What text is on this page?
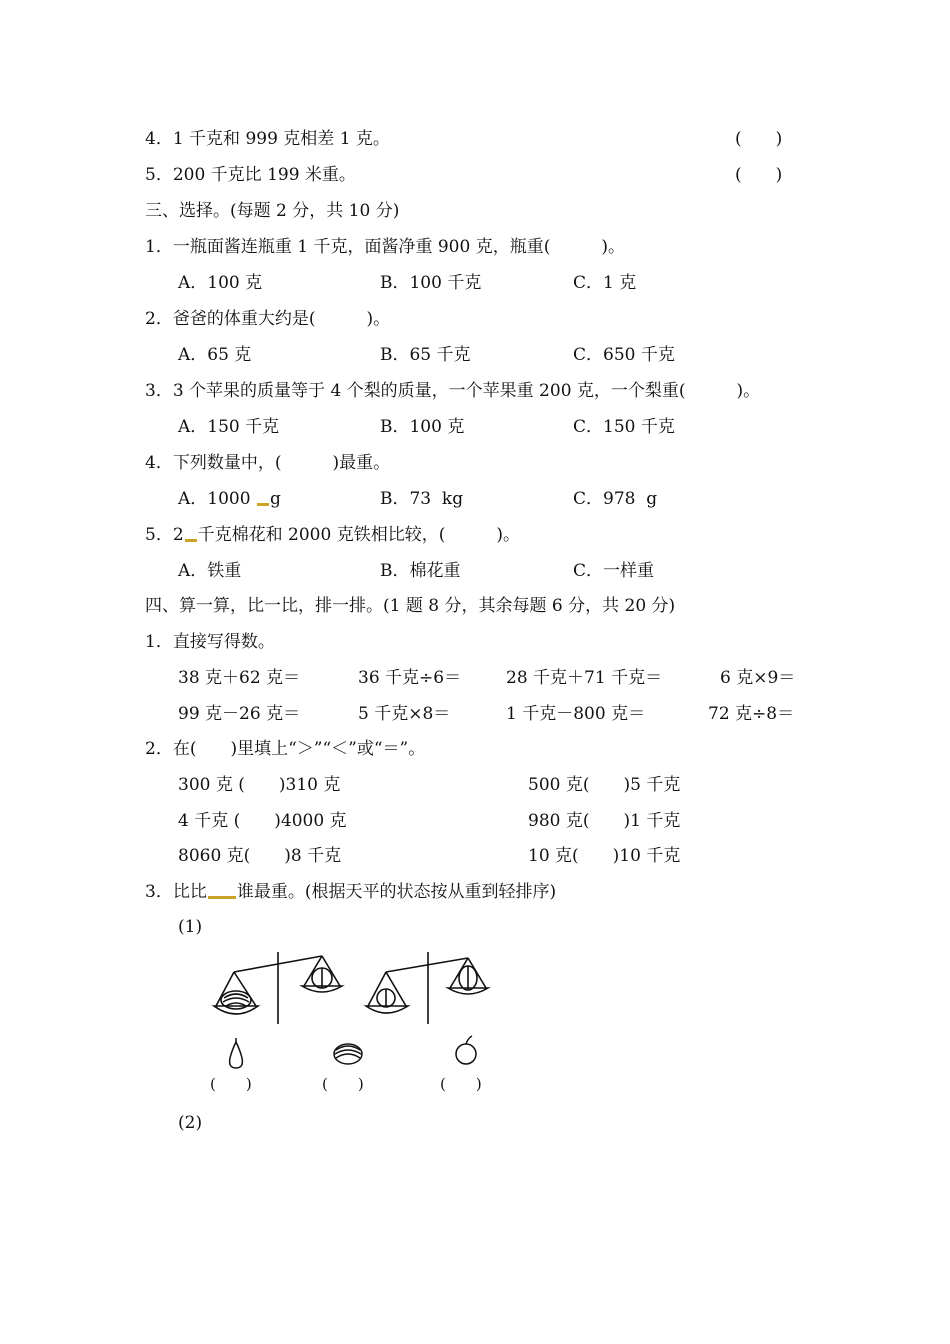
4．1 千克和 999 克相差 1 克。	(　　)
5．200 千克比 199 米重。	(　　)
三、选择。(每题 2 分，共 10 分)
1．一瓶面酱连瓶重 1 千克，面酱净重 900 克，瓶重(　　　)。
A．100 克	B．100 千克	C．1 克
2．爸爸的体重大约是(　　　)。
A．65 克	B．65 千克	C．650 千克
3．3 个苹果的质量等于 4 个梨的质量，一个苹果重 200 克，一个梨重(　　　)。
A．150 千克	B．100 克	C．150 千克
4．下列数量中，(　　　)最重。
A．1000 g	B．73  kg	C．978  g
5．2 千克棉花和 2000 克铁相比较，(　　　)。
A．铁重	B．棉花重	C．一样重
四、算一算，比一比，排一排。(1 题 8 分，其余每题 6 分，共 20 分)
1．直接写得数。
38 克＋62 克＝	36 千克÷6＝	28 千克＋71 千克＝	6 克×9＝
99 克－26 克＝	5 千克×8＝	1 千克－800 克＝	72 克÷8＝
2．在(　　)里填上“＞”“＜”或“＝”。
300 克 (　　)310 克	500 克(　　)5 千克
4 千克 (　　)4000 克	980 克(　　)1 千克
8060 克(　　)8 千克	10 克(　　)10 千克
3．比比 谁最重。(根据天平的状态按从重到轻排序)
(1)
(　　)	(　　)	(　　)
(2)
